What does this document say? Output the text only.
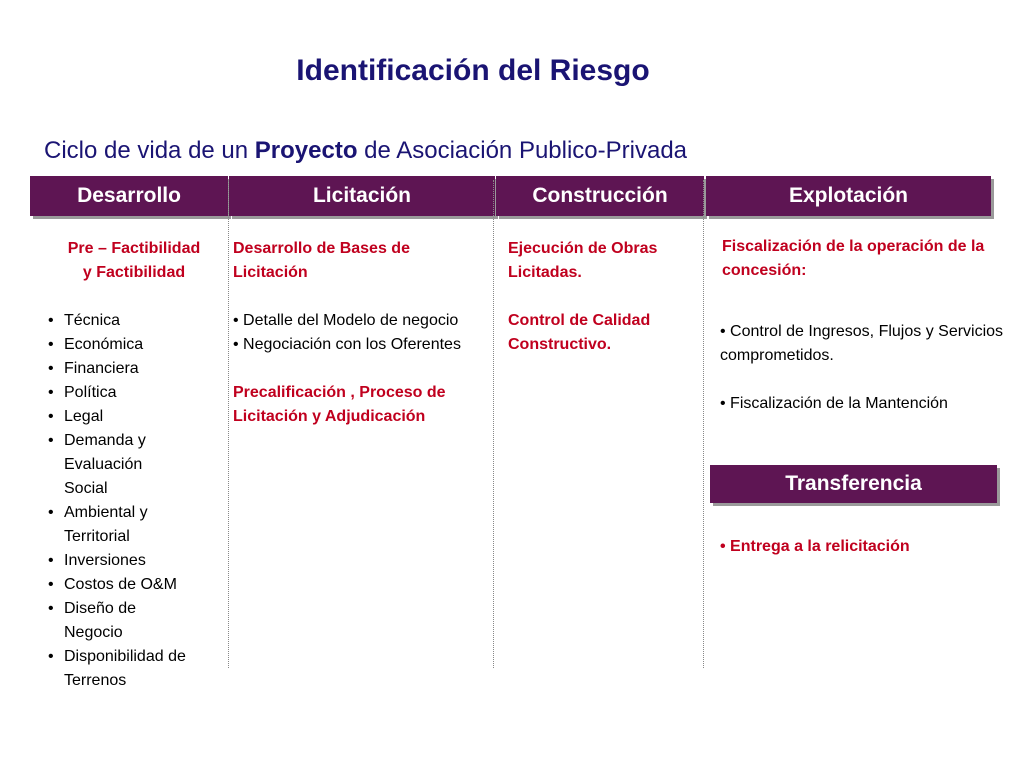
Identificación del Riesgo
Ciclo de vida de un Proyecto de Asociación Publico-Privada
Desarrollo	Licitación	Construcción	Explotación
Pre – Factibilidad
y Factibilidad
• Técnica
• Económica
• Financiera
• Política
• Legal
• Demanda y Evaluación Social
• Ambiental y Territorial
• Inversiones
• Costos de O&M
• Diseño de Negocio
• Disponibilidad de Terrenos
Desarrollo de Bases de Licitación
• Detalle del Modelo de negocio
• Negociación con los Oferentes
Precalificación , Proceso de Licitación y Adjudicación
Ejecución de Obras Licitadas.
Control de Calidad Constructivo.
Fiscalización de la operación de la concesión:
• Control de Ingresos, Flujos y Servicios comprometidos.
• Fiscalización de la Mantención
Transferencia
• Entrega a la relicitación
